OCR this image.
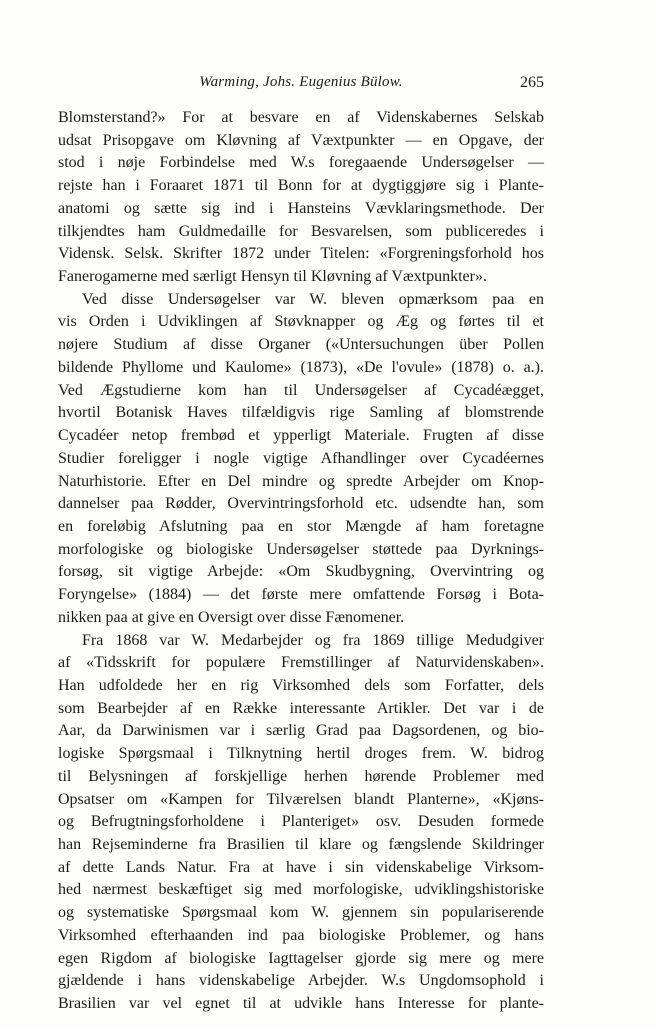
Warming, Johs. Eugenius Bülow.	265
Blomsterstand?» For at besvare en af Videnskabernes Selskab
udsat Prisopgave om Kløvning af Væxtpunkter — en Opgave, der
stod i nøje Forbindelse med W.s foregaaende Undersøgelser —
rejste han i Foraaret 1871 til Bonn for at dygtiggjøre sig i Plante-
anatomi og sætte sig ind i Hansteins Vævklaringsmethode. Der
tilkjendtes ham Guldmedaille for Besvarelsen, som publiceredes i
Vidensk. Selsk. Skrifter 1872 under Titelen: «Forgreningsforhold hos
Fanerogamerne med særligt Hensyn til Kløvning af Væxtpunkter».
Ved disse Undersøgelser var W. bleven opmærksom paa en
vis Orden i Udviklingen af Støvknapper og Æg og førtes til et
nøjere Studium af disse Organer («Untersuchungen über Pollen
bildende Phyllome und Kaulome» (1873), «De l'ovule» (1878) o. a.).
Ved Ægstudierne kom han til Undersøgelser af Cycadéægget,
hvortil Botanisk Haves tilfældigvis rige Samling af blomstrende
Cycadéer netop frembød et ypperligt Materiale. Frugten af disse
Studier foreligger i nogle vigtige Afhandlinger over Cycadéernes
Naturhistorie. Efter en Del mindre og spredte Arbejder om Knop-
dannelser paa Rødder, Overvintringsforhold etc. udsendte han, som
en foreløbig Afslutning paa en stor Mængde af ham foretagne
morfologiske og biologiske Undersøgelser støttede paa Dyrknings-
forsøg, sit vigtige Arbejde: «Om Skudbygning, Overvintring og
Foryngelse» (1884) — det første mere omfattende Forsøg i Bota-
nikken paa at give en Oversigt over disse Fænomener.
Fra 1868 var W. Medarbejder og fra 1869 tillige Medudgiver
af «Tidsskrift for populære Fremstillinger af Naturvidenskaben».
Han udfoldede her en rig Virksomhed dels som Forfatter, dels
som Bearbejder af en Række interessante Artikler. Det var i de
Aar, da Darwinismen var i særlig Grad paa Dagsordenen, og bio-
logiske Spørgsmaal i Tilknytning hertil droges frem. W. bidrog
til Belysningen af forskjellige herhen hørende Problemer med
Opsatser om «Kampen for Tilværelsen blandt Planterne», «Kjøns-
og Befrugtningsforholdene i Planteriget» osv. Desuden formede
han Rejseminderne fra Brasilien til klare og fængslende Skildringer
af dette Lands Natur. Fra at have i sin videnskabelige Virksom-
hed nærmest beskæftiget sig med morfologiske, udviklingshistoriske
og systematiske Spørgsmaal kom W. gjennem sin populariserende
Virksomhed efterhaanden ind paa biologiske Problemer, og hans
egen Rigdom af biologiske Iagttagelser gjorde sig mere og mere
gjældende i hans videnskabelige Arbejder. W.s Ungdomsophold i
Brasilien var vel egnet til at udvikle hans Interesse for plante-
